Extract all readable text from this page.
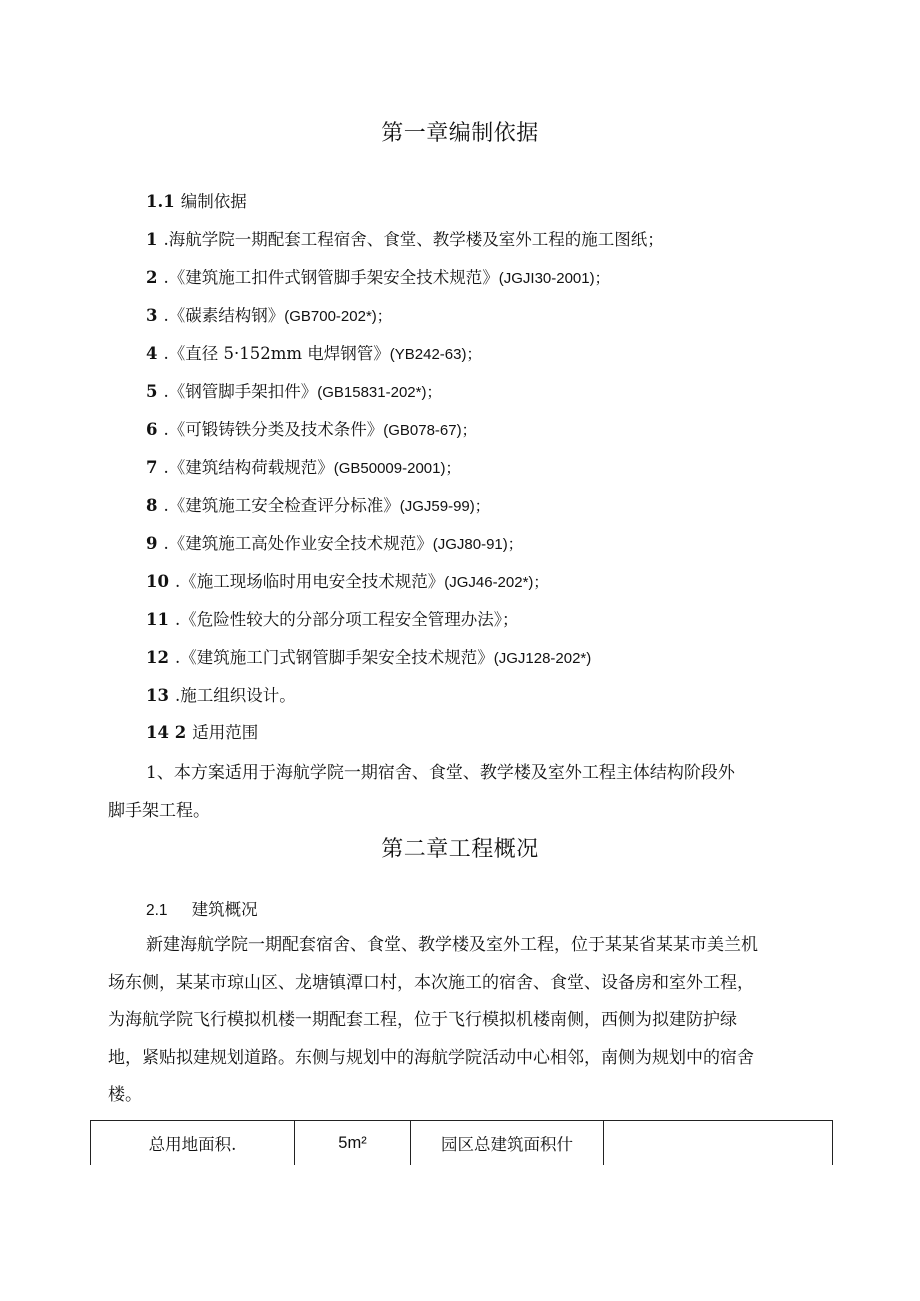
第一章编制依据
1.1 编制依据
1 .海航学院一期配套工程宿舍、食堂、教学楼及室外工程的施工图纸；
2 .《建筑施工扣件式钢管脚手架安全技术规范》(JGJI30-2001)；
3 .《碳素结构钢》(GB700-202*)；
4 .《直径 5·152mm 电焊钢管》(YB242-63)；
5 .《钢管脚手架扣件》(GB15831-202*)；
6 .《可锻铸铁分类及技术条件》(GB078-67)；
7 .《建筑结构荷载规范》(GB50009-2001)；
8 .《建筑施工安全检查评分标准》(JGJ59-99)；
9 .《建筑施工高处作业安全技术规范》(JGJ80-91)；
10 .《施工现场临时用电安全技术规范》(JGJ46-202*)；
11 .《危险性较大的分部分项工程安全管理办法》；
12 .《建筑施工门式钢管脚手架安全技术规范》(JGJ128-202*)
13 .施工组织设计。
14 2 适用范围
1、本方案适用于海航学院一期宿舍、食堂、教学楼及室外工程主体结构阶段外
脚手架工程。
第二章工程概况
2.1 建筑概况
新建海航学院一期配套宿舍、食堂、教学楼及室外工程，位于某某省某某市美兰机
场东侧，某某市琼山区、龙塘镇潭口村，本次施工的宿舍、食堂、设备房和室外工程，
为海航学院飞行模拟机楼一期配套工程，位于飞行模拟机楼南侧，西侧为拟建防护绿
地，紧贴拟建规划道路。东侧与规划中的海航学院活动中心相邻，南侧为规划中的宿舍
楼。
总用地面积.	5m²	园区总建筑面积什	
